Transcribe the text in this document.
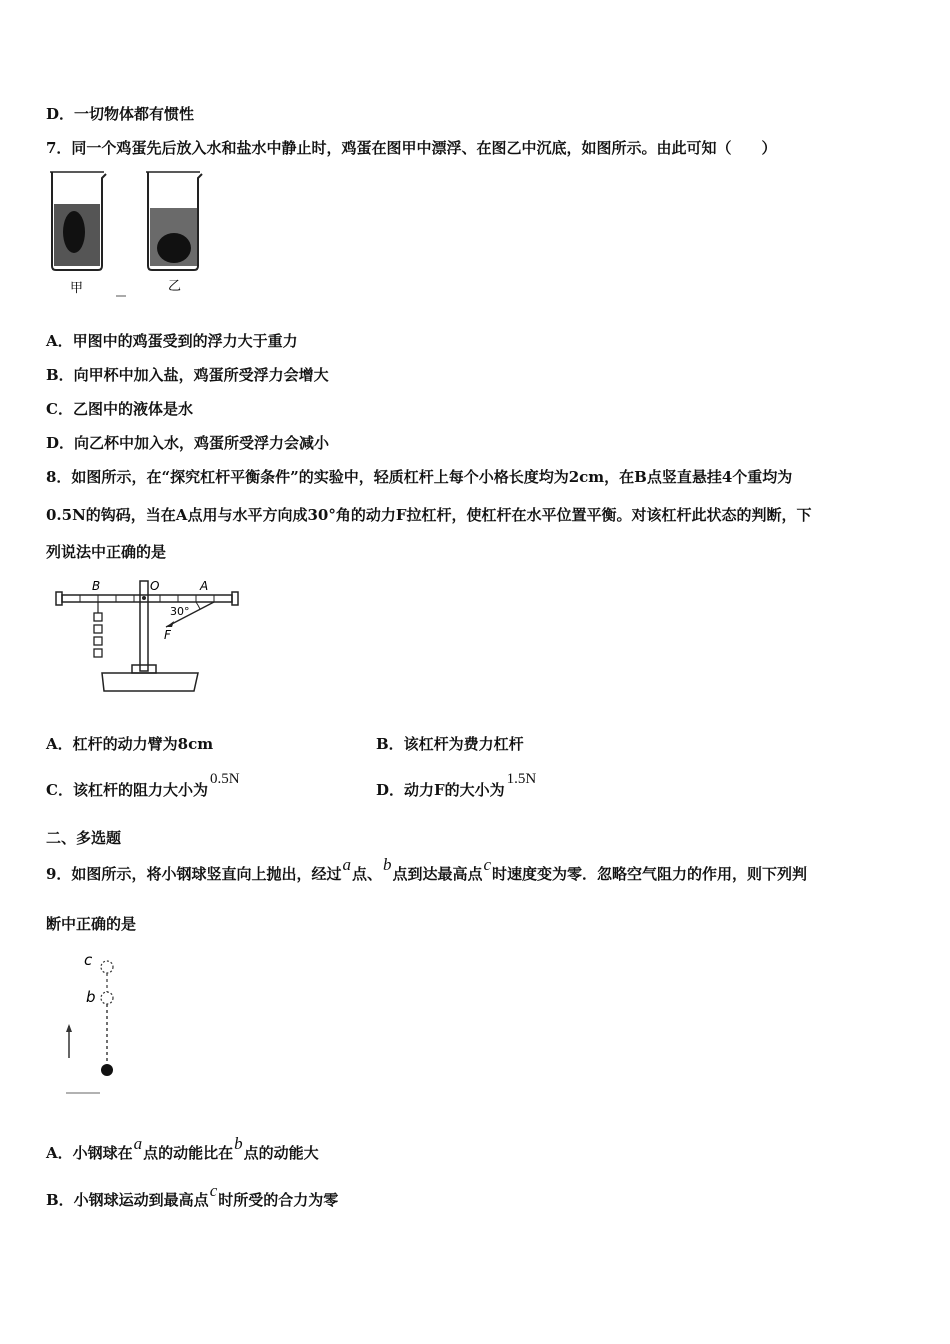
D．一切物体都有惯性
7．同一个鸡蛋先后放入水和盐水中静止时，鸡蛋在图甲中漂浮、在图乙中沉底，如图所示。由此可知（　　）
甲	乙
A．甲图中的鸡蛋受到的浮力大于重力
B．向甲杯中加入盐，鸡蛋所受浮力会增大
C．乙图中的液体是水
D．向乙杯中加入水，鸡蛋所受浮力会减小
8．如图所示，在“探究杠杆平衡条件”的实验中，轻质杠杆上每个小格长度均为2cm，在B点竖直悬挂4个重均为
0.5N的钩码，当在A点用与水平方向成30°角的动力F拉杠杆，使杠杆在水平位置平衡。对该杠杆此状态的判断，下
列说法中正确的是
B	O	A
30°
F
A．杠杆的动力臂为8cm	B．该杠杆为费力杠杆
C．该杠杆的阻力大小为0.5N
D．动力F的大小为1.5N
二、多选题
9．如图所示，将小钢球竖直向上抛出，经过a点、b点到达最高点c时速度变为零．忽略空气阻力的作用，则下列判
断中正确的是
c
b
A．小钢球在a点的动能比在b点的动能大
B．小钢球运动到最高点c时所受的合力为零
